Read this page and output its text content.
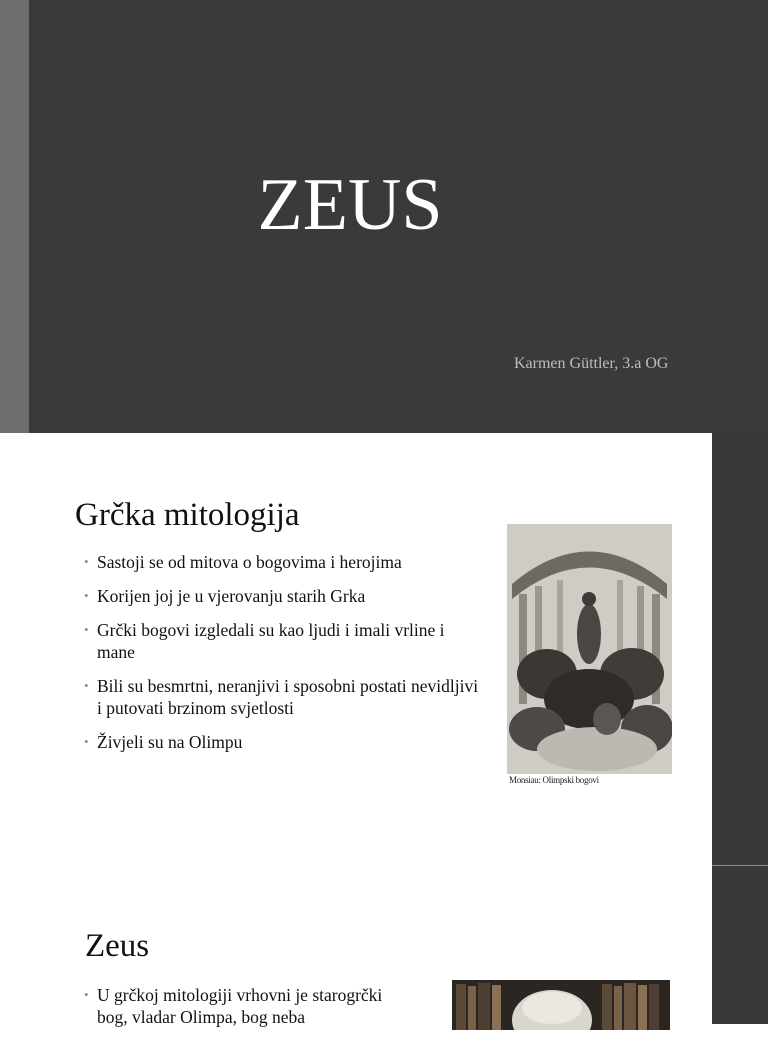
ZEUS
Karmen Güttler, 3.a OG
Grčka mitologija
• Sastoji se od mitova o bogovima i herojima
• Korijen joj je u vjerovanju starih Grka
• Grčki bogovi izgledali su kao ljudi i imali vrline i mane
• Bili su besmrtni, neranjivi i sposobni postati nevidljivi i putovati brzinom svjetlosti
• Živjeli su na Olimpu
Monsiau: Olimpski bogovi
Zeus
• U grčkoj mitologiji vrhovni je starogrčki bog, vladar Olimpa, bog neba
